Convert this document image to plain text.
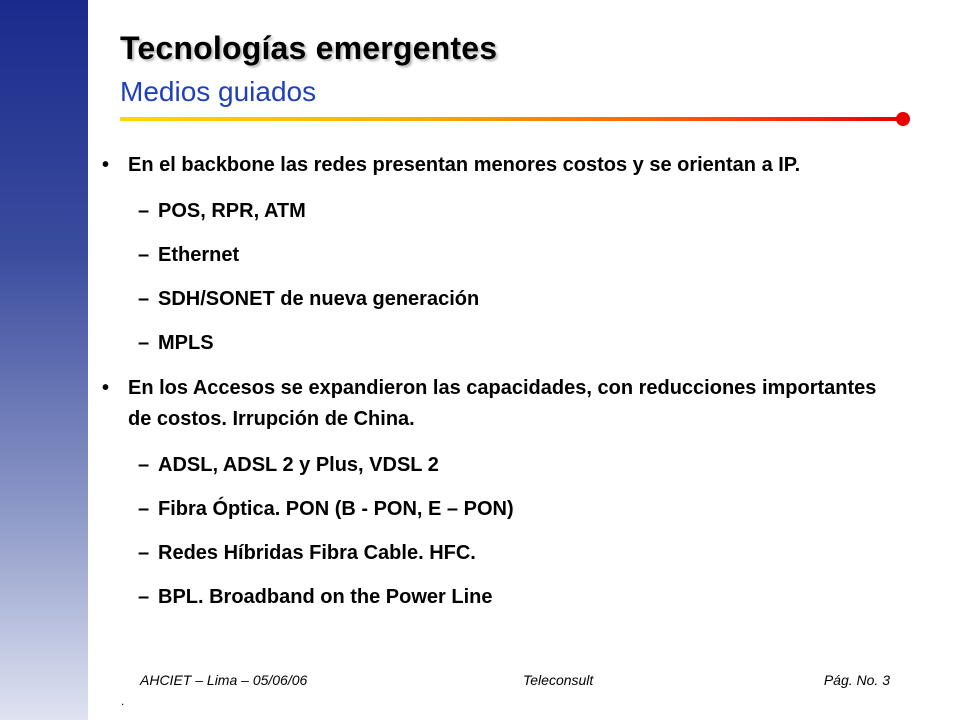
Tecnologías emergentes
Medios guiados

• En el backbone las redes presentan menores costos y se orientan a IP.

– POS, RPR, ATM
– Ethernet
– SDH/SONET de nueva generación
– MPLS

• En los Accesos se expandieron las capacidades, con reducciones importantes de costos. Irrupción de China.

– ADSL, ADSL 2 y Plus, VDSL 2
– Fibra Óptica. PON (B - PON, E – PON)
– Redes Híbridas Fibra Cable. HFC.
– BPL. Broadband on the Power Line
AHCIET – Lima – 05/06/06	Teleconsult	Pág. No. 3
.
